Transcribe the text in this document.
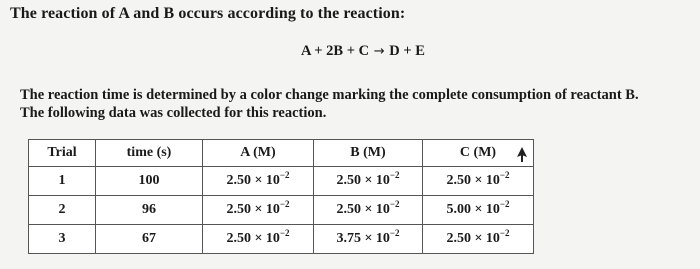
The reaction of A and B occurs according to the reaction:

A + 2B + C → D + E

The reaction time is determined by a color change marking the complete consumption of reactant B.
The following data was collected for this reaction.
Trial	time (s)	A (M)	B (M)	C (M)
1	100	$2.50 \times 10^{-2}$	$2.50 \times 10^{-2}$	$2.50 \times 10^{-2}$
2	96	$2.50 \times 10^{-2}$	$2.50 \times 10^{-2}$	$5.00 \times 10^{-2}$
3	67	$2.50 \times 10^{-2}$	$3.75 \times 10^{-2}$	$2.50 \times 10^{-2}$
